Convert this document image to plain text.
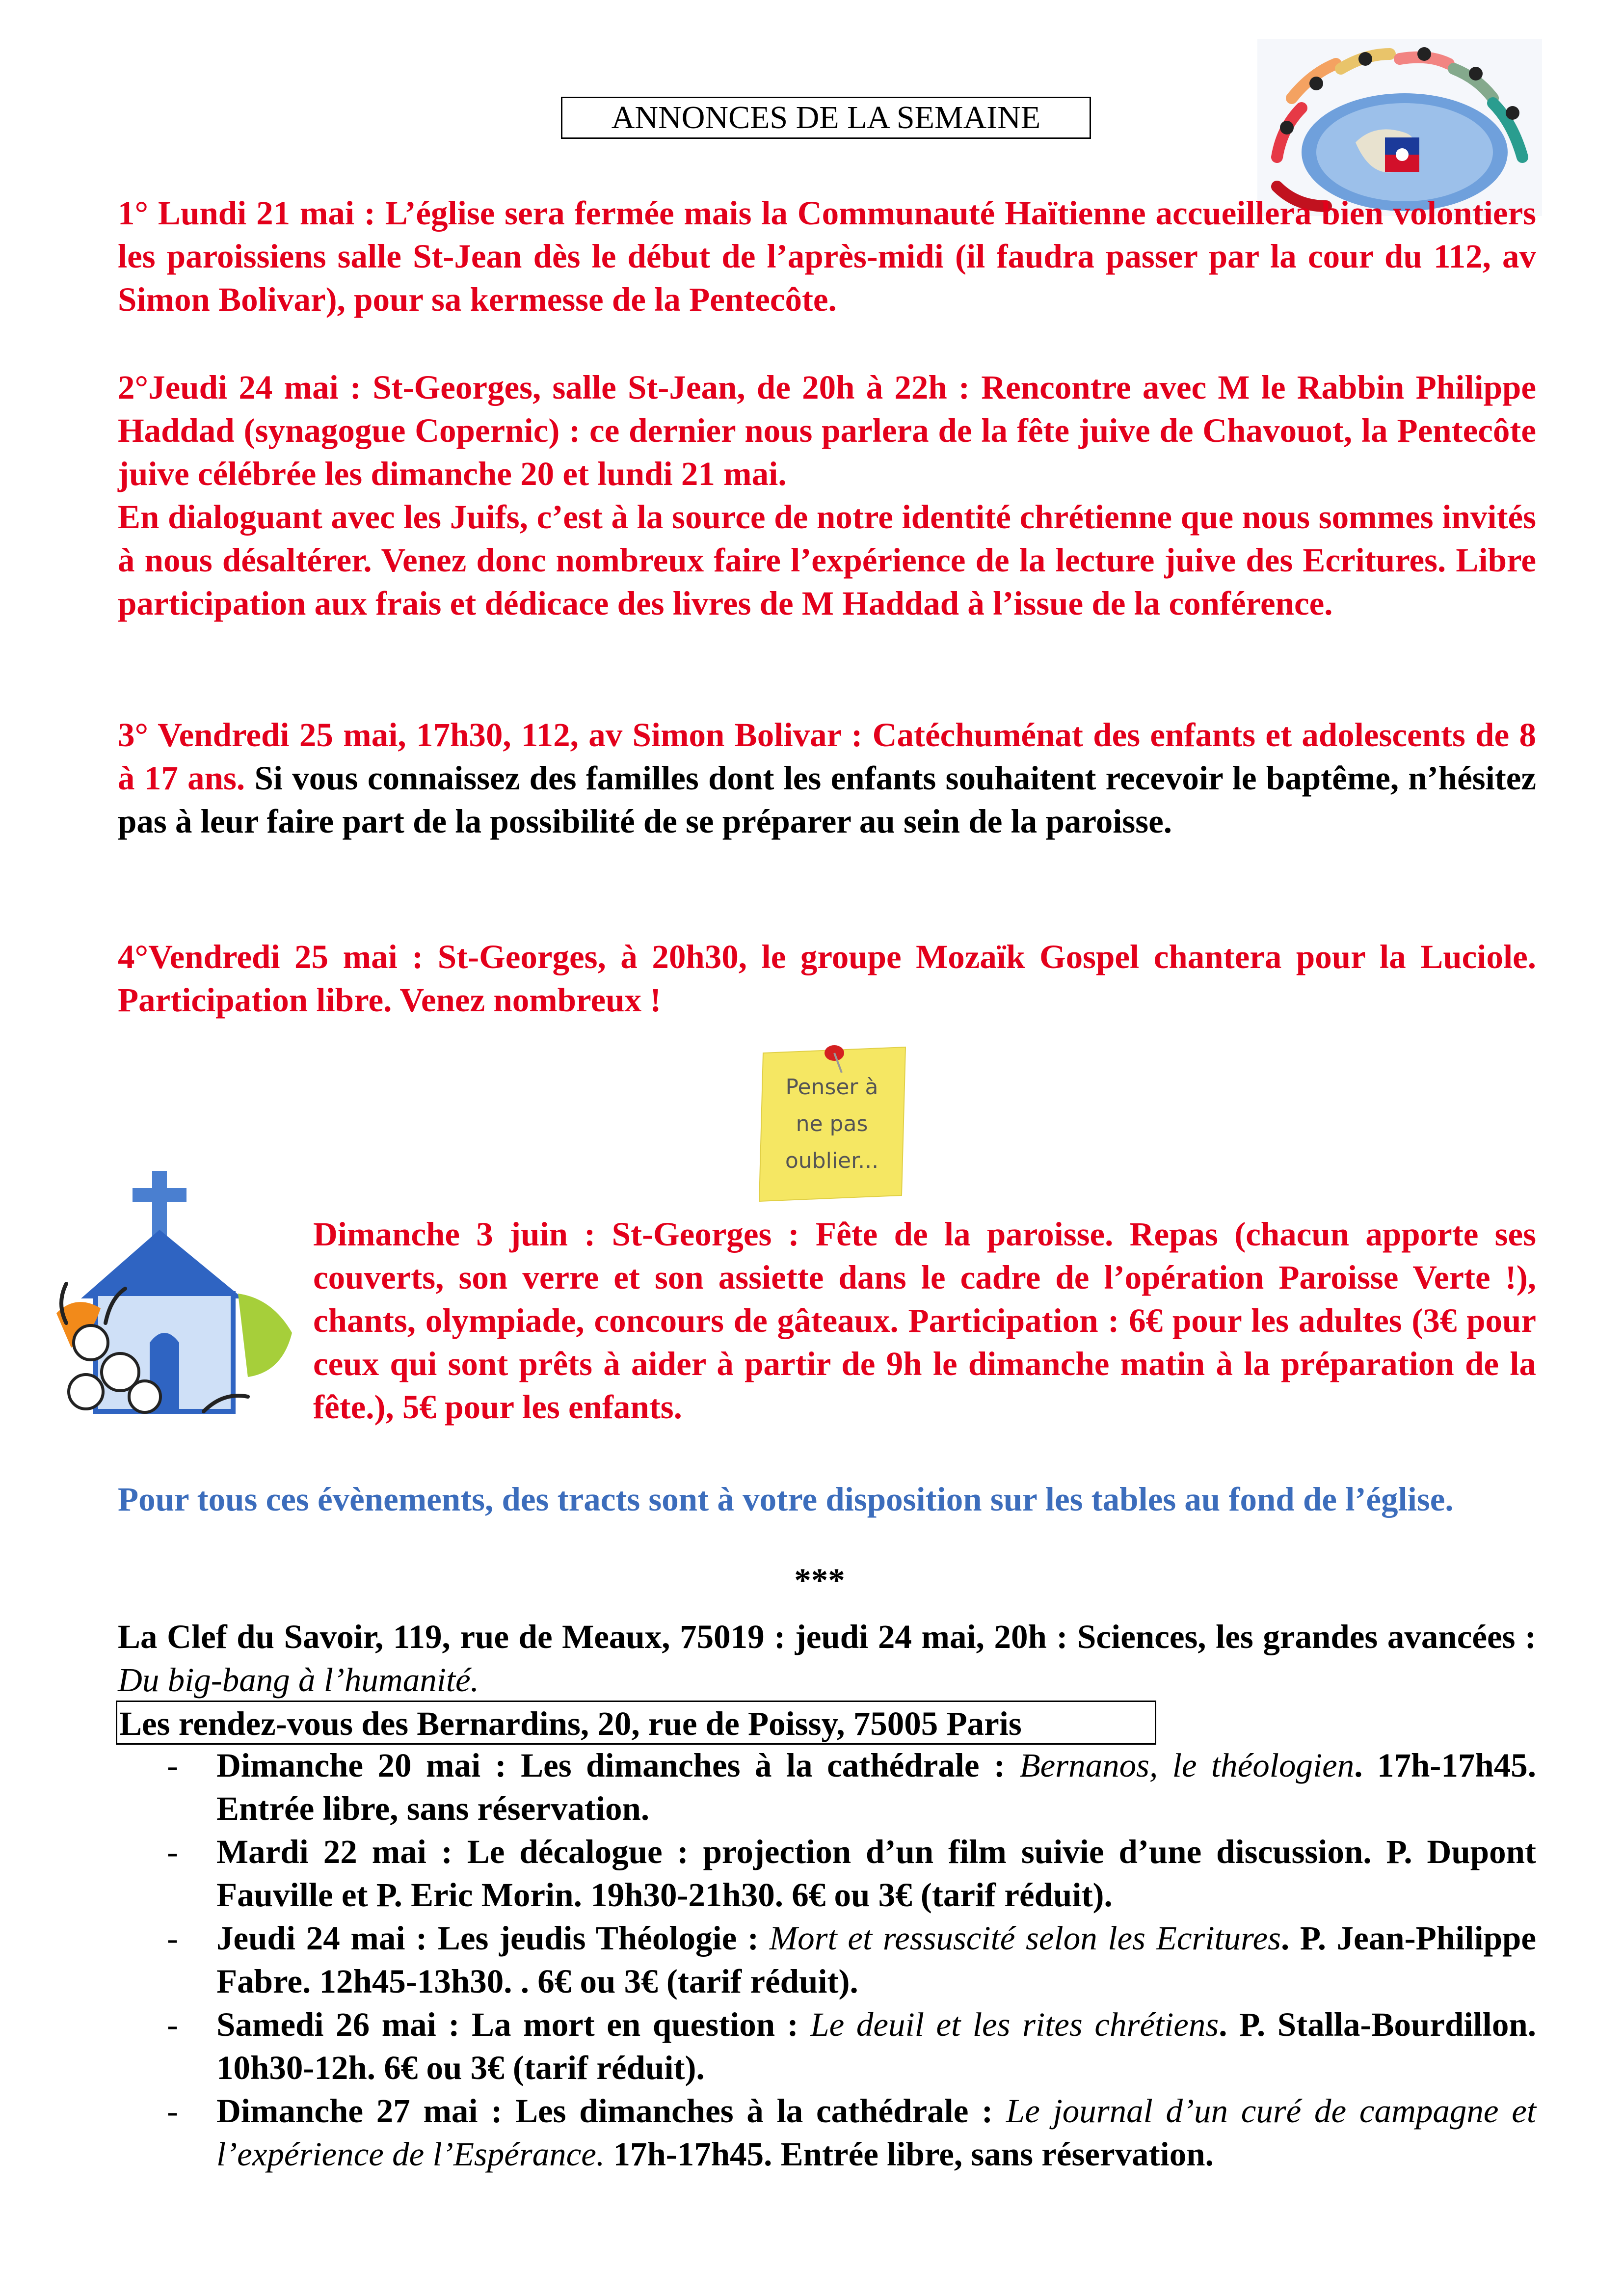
ANNONCES DE LA SEMAINE
1° Lundi 21 mai : L’église sera fermée mais la Communauté Haïtienne accueillera bien volontiers les paroissiens salle St-Jean dès le début de l’après-midi (il faudra passer par la cour du 112, av Simon Bolivar), pour sa kermesse de la Pentecôte.
2°Jeudi 24 mai : St-Georges, salle St-Jean, de 20h à 22h : Rencontre avec M le Rabbin Philippe Haddad (synagogue Copernic) : ce dernier nous parlera de la fête juive de Chavouot, la Pentecôte juive célébrée les dimanche 20 et lundi 21 mai.
En dialoguant avec les Juifs, c’est à la source de notre identité chrétienne que nous sommes invités à nous désaltérer. Venez donc nombreux faire l’expérience de la lecture juive des Ecritures. Libre participation aux frais et dédicace des livres de M Haddad à l’issue de la conférence.
3° Vendredi 25 mai, 17h30, 112, av Simon Bolivar : Catéchuménat des enfants et adolescents de 8 à 17 ans. Si vous connaissez des familles dont les enfants souhaitent recevoir le baptême, n’hésitez pas à leur faire part de la possibilité de se préparer au sein de la paroisse.
4°Vendredi 25 mai : St-Georges, à 20h30, le groupe Mozaïk Gospel chantera pour la Luciole. Participation libre. Venez nombreux !
Penser à
ne pas
oublier...
Dimanche 3 juin : St-Georges : Fête de la paroisse. Repas (chacun apporte ses couverts, son verre et son assiette dans le cadre de l’opération Paroisse Verte !), chants, olympiade, concours de gâteaux. Participation : 6€ pour les adultes (3€ pour ceux qui sont prêts à aider à partir de 9h le dimanche matin à la préparation de la fête.), 5€ pour les enfants.
Pour tous ces évènements, des tracts sont à votre disposition sur les tables au fond de l’église.
***
La Clef du Savoir, 119, rue de Meaux, 75019 : jeudi 24 mai, 20h : Sciences, les grandes avancées : Du big-bang à l’humanité.
Les rendez-vous des Bernardins, 20, rue de Poissy, 75005 Paris
- Dimanche 20 mai : Les dimanches à la cathédrale : Bernanos, le théologien. 17h-17h45. Entrée libre, sans réservation.
- Mardi 22 mai : Le décalogue : projection d’un film suivie d’une discussion. P. Dupont Fauville et P. Eric Morin. 19h30-21h30. 6€ ou 3€ (tarif réduit).
- Jeudi 24 mai : Les jeudis Théologie : Mort et ressuscité selon les Ecritures. P. Jean-Philippe Fabre. 12h45-13h30. . 6€ ou 3€ (tarif réduit).
- Samedi 26 mai : La mort en question : Le deuil et les rites chrétiens. P. Stalla-Bourdillon. 10h30-12h. 6€ ou 3€ (tarif réduit).
- Dimanche 27 mai : Les dimanches à la cathédrale : Le journal d’un curé de campagne et l’expérience de l’Espérance. 17h-17h45. Entrée libre, sans réservation.
